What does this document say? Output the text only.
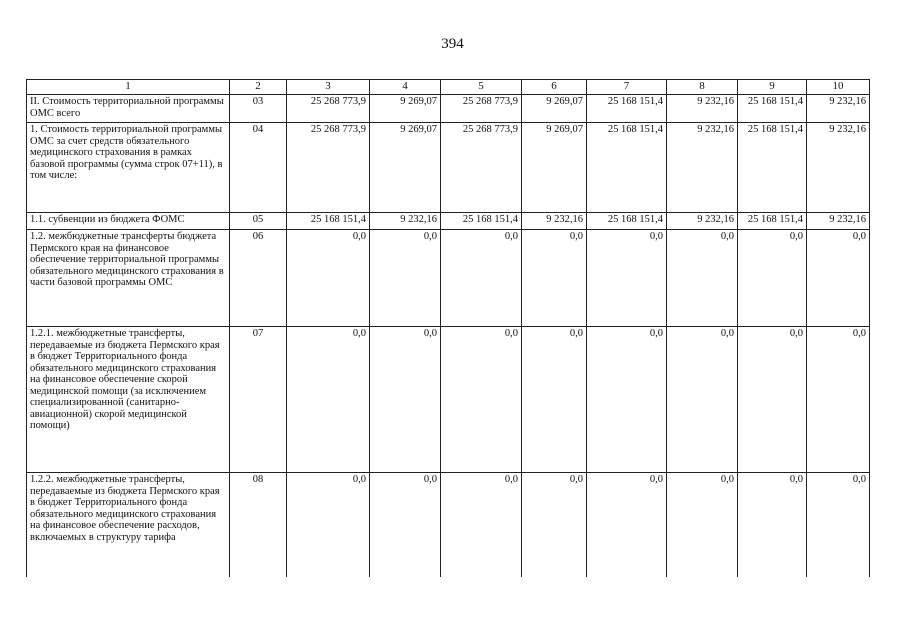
394
1	2	3	4	5	6	7	8	9	10
II. Стоимость территориальной программы ОМС всего	03	25 268 773,9	9 269,07	25 268 773,9	9 269,07	25 168 151,4	9 232,16	25 168 151,4	9 232,16
1. Стоимость территориальной программы ОМС за счет средств обязательного медицинского страхования в рамках базовой программы (сумма строк 07+11), в том числе:	04	25 268 773,9	9 269,07	25 268 773,9	9 269,07	25 168 151,4	9 232,16	25 168 151,4	9 232,16
1.1. субвенции из бюджета ФОМС	05	25 168 151,4	9 232,16	25 168 151,4	9 232,16	25 168 151,4	9 232,16	25 168 151,4	9 232,16
1.2. межбюджетные трансферты бюджета Пермского края на финансовое обеспечение территориальной программы обязательного медицинского страхования в части базовой программы ОМС	06	0,0	0,0	0,0	0,0	0,0	0,0	0,0	0,0
1.2.1. межбюджетные трансферты, передаваемые из бюджета Пермского края в бюджет Территориального фонда обязательного медицинского страхования на финансовое обеспечение скорой медицинской помощи (за исключением специализированной (санитарно-авиационной) скорой медицинской помощи)	07	0,0	0,0	0,0	0,0	0,0	0,0	0,0	0,0
1.2.2. межбюджетные трансферты, передаваемые из бюджета Пермского края в бюджет Территориального фонда обязательного медицинского страхования на финансовое обеспечение расходов, включаемых в структуру тарифа	08	0,0	0,0	0,0	0,0	0,0	0,0	0,0	0,0
